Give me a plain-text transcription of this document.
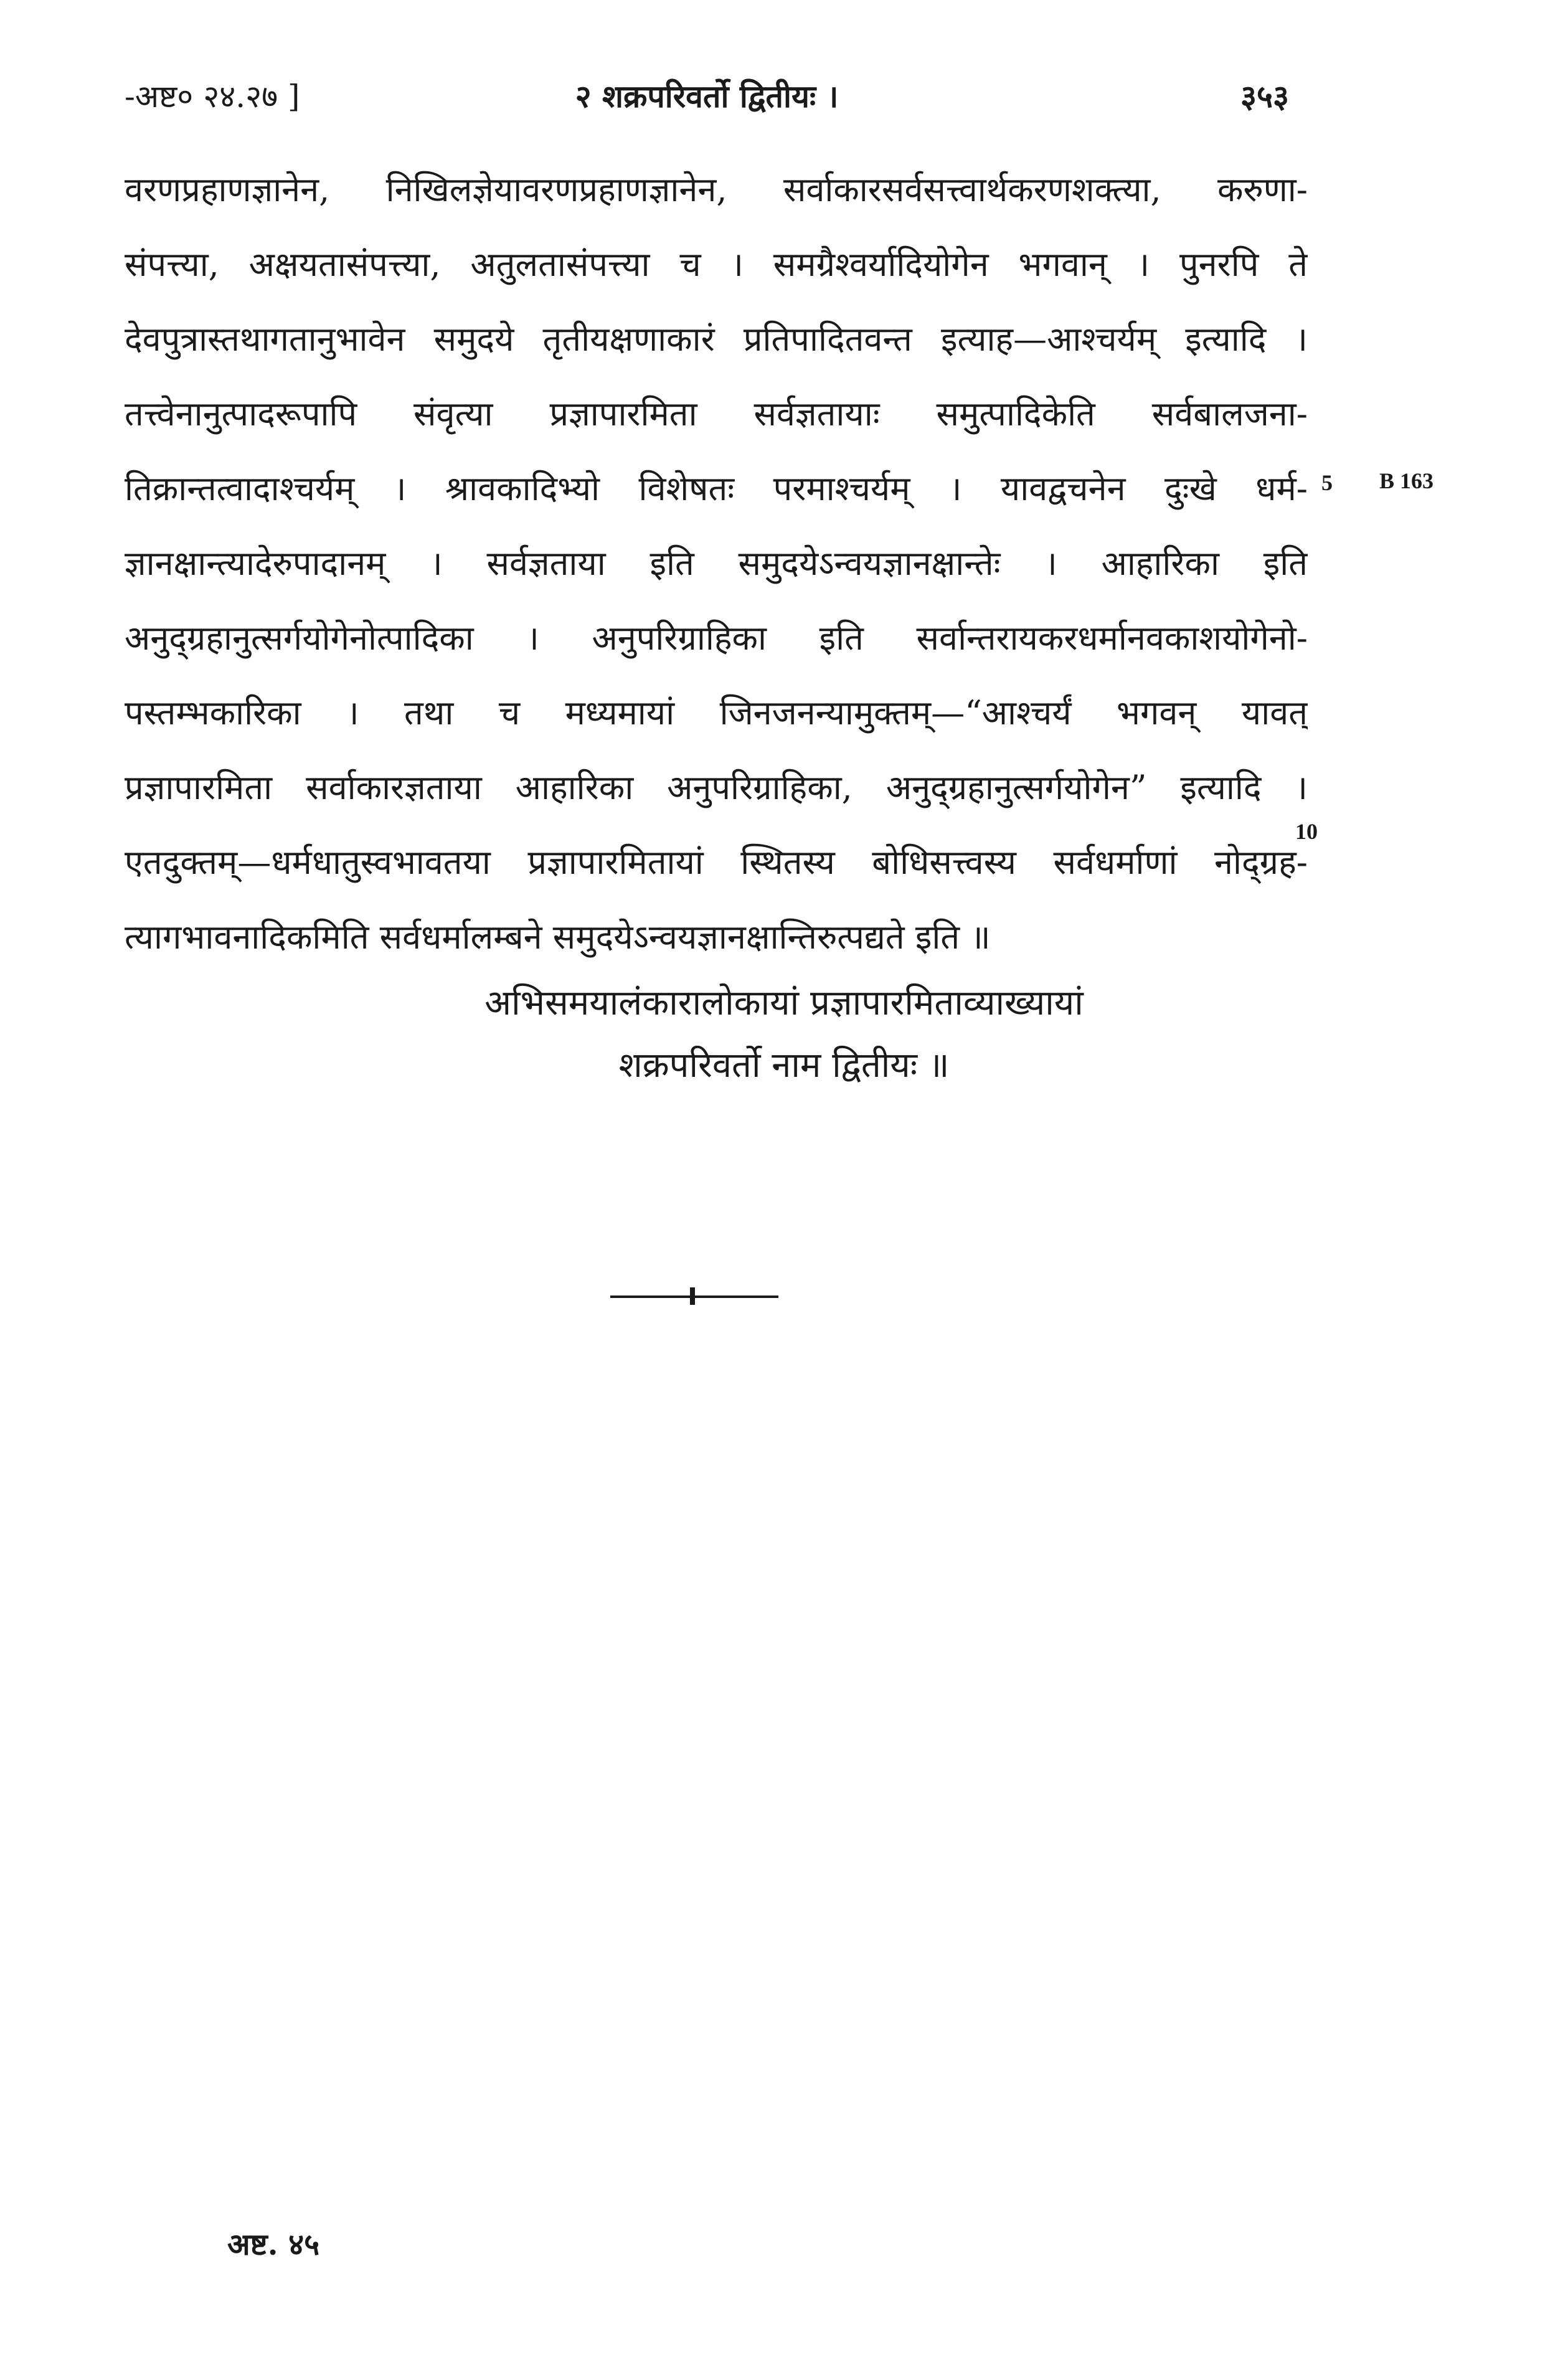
-अष्ट० २४.२७ ]	२ शक्रपरिवर्तो द्वितीयः ।	३५३
वरणप्रहाणज्ञानेन, निखिलज्ञेयावरणप्रहाणज्ञानेन, सर्वाकारसर्वसत्त्वार्थकरणशक्त्या, करुणा-
संपत्त्या, अक्षयतासंपत्त्या, अतुलतासंपत्त्या च । समग्रैश्वर्यादियोगेन भगवान् । पुनरपि ते
देवपुत्रास्तथागतानुभावेन समुदये तृतीयक्षणाकारं प्रतिपादितवन्त इत्याह—आश्चर्यम् इत्यादि ।
तत्त्वेनानुत्पादरूपापि संवृत्या प्रज्ञापारमिता सर्वज्ञतायाः समुत्पादिकेति सर्वबालजना-
तिक्रान्तत्वादाश्चर्यम् । श्रावकादिभ्यो विशेषतः परमाश्चर्यम् । यावद्वचनेन दुःखे धर्म-
ज्ञानक्षान्त्यादेरुपादानम् । सर्वज्ञताया इति समुदयेऽन्वयज्ञानक्षान्तेः । आहारिका इति
अनुद्ग्रहानुत्सर्गयोगेनोत्पादिका । अनुपरिग्राहिका इति सर्वान्तरायकरधर्मानवकाशयोगेनो-
पस्तम्भकारिका । तथा च मध्यमायां जिनजनन्यामुक्तम्—“आश्चर्यं भगवन् यावत्
प्रज्ञापारमिता सर्वाकारज्ञताया आहारिका अनुपरिग्राहिका, अनुद्ग्रहानुत्सर्गयोगेन” इत्यादि ।
एतदुक्तम्—धर्मधातुस्वभावतया प्रज्ञापारमितायां स्थितस्य बोधिसत्त्वस्य सर्वधर्माणां नोद्ग्रह-
त्यागभावनादिकमिति सर्वधर्मालम्बने समुदयेऽन्वयज्ञानक्षान्तिरुत्पद्यते इति ॥
5 B 163
10
अभिसमयालंकारालोकायां प्रज्ञापारमिताव्याख्यायां
शक्रपरिवर्तो नाम द्वितीयः ॥
अष्ट. ४५
